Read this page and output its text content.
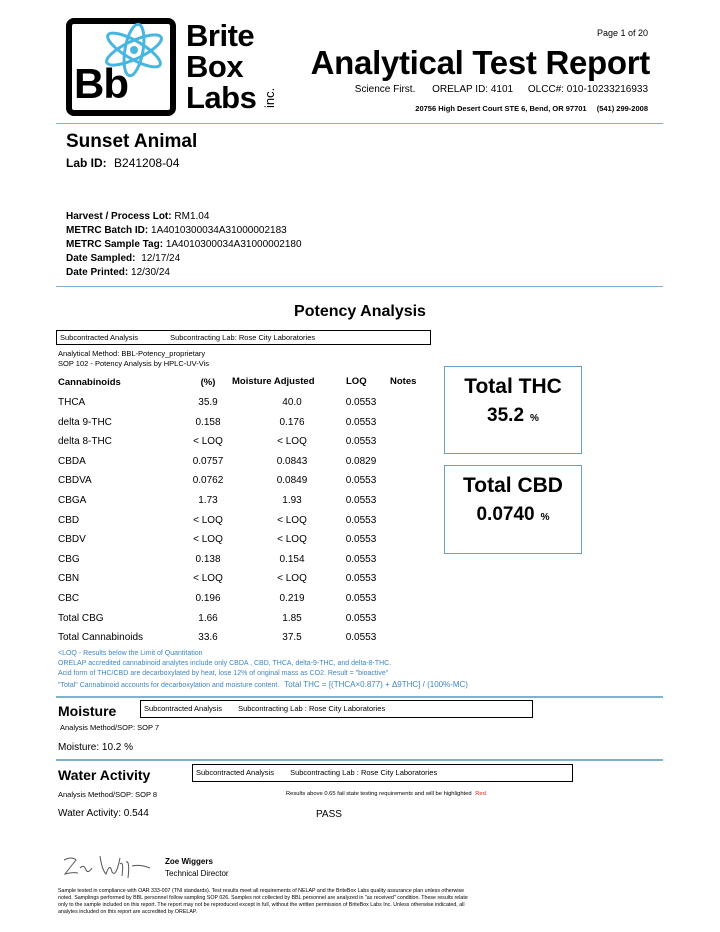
Bb
Brite
Box
Labs inc.
Page 1 of 20
Analytical Test Report
Science First. ORELAP ID: 4101 OLCC#: 010-10233216933
20756 High Desert Court STE 6, Bend, OR 97701 (541) 299-2008
Sunset Animal
Lab ID: B241208-04
Harvest / Process Lot: RM1.04
METRC Batch ID: 1A4010300034A31000002183
METRC Sample Tag: 1A4010300034A31000002180
Date Sampled: 12/17/24
Date Printed: 12/30/24
Potency Analysis
Subcontracted Analysis	Subcontracting Lab: Rose City Laboratories
Analytical Method: BBL-Potency_proprietary
SOP 102 - Potency Analysis by HPLC-UV-Vis
Cannabinoids	(%)	Moisture Adjusted	LOQ Notes
THCA	35.9	40.0	0.0553
delta 9-THC	0.158	0.176	0.0553
delta 8-THC	< LOQ	< LOQ	0.0553
CBDA	0.0757	0.0843	0.0829
CBDVA	0.0762	0.0849	0.0553
CBGA	1.73	1.93	0.0553
CBD	< LOQ	< LOQ	0.0553
CBDV	< LOQ	< LOQ	0.0553
CBG	0.138	0.154	0.0553
CBN	< LOQ	< LOQ	0.0553
CBC	0.196	0.219	0.0553
Total CBG	1.66	1.85	0.0553
Total Cannabinoids	33.6	37.5	0.0553
Total THC
35.2 %
Total CBD
0.0740 %
<LOQ - Results below the Limit of Quantitation
ORELAP accredited cannabinoid analytes include only CBDA , CBD, THCA, delta-9-THC, and delta-8-THC.
Acid form of THC/CBD are decarboxylated by heat, lose 12% of original mass as CO2. Result = "bioactive"
"Total" Cannabinoid accounts for decarboxylation and moisture content. Total THC = [(THCA×0.877) + Δ9THC] / (100%-MC)
Moisture	Subcontracted Analysis Subcontracting Lab : Rose City Laboratories
Analysis Method/SOP: SOP 7
Moisture: 10.2 %
Water Activity	Subcontracted Analysis Subcontracting Lab : Rose City Laboratories
Analysis Method/SOP: SOP 8	Results above 0.65 fail state testing requirements and will be highlighted Red.
Water Activity: 0.544	PASS
Zoe Wiggers
Technical Director
Sample tested in compliance with OAR 333-007 (TNI standards). Test results meet all requirements of NELAP and the BriteBox Labs quality assurance plan unless otherwise
noted. Samplings performed by BBL personnel follow sampling SOP 026. Samples not collected by BBL personnel are analyzed in "as received" condition. These results relate
only to the sample included on this report. The report may not be reproduced except in full, without the written permission of BriteBox Labs Inc. Unless otherwise indicated, all
analytes included on this report are accredited by ORELAP.
